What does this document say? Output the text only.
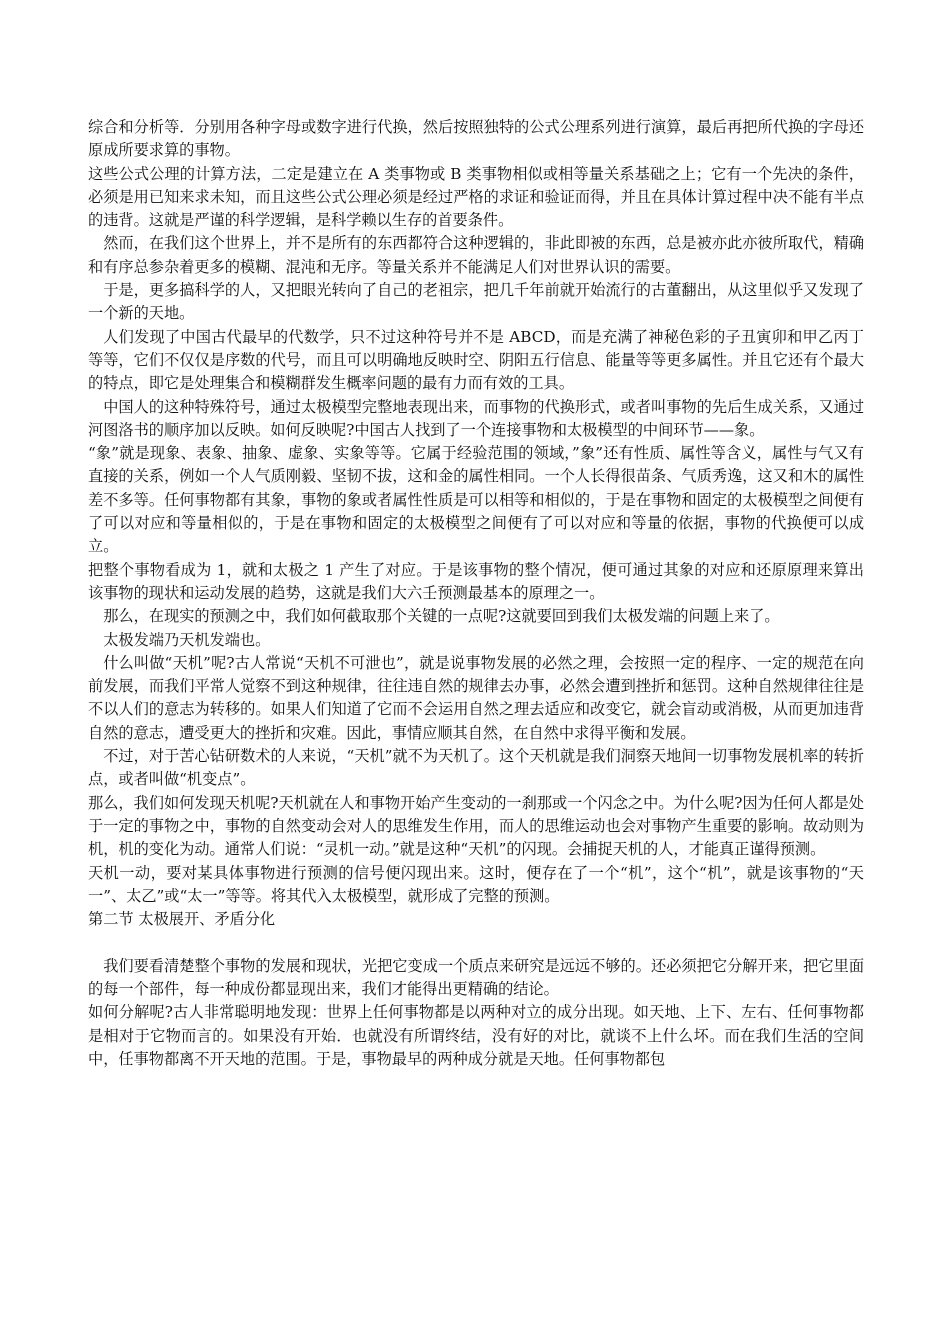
综合和分析等．分别用各种字母或数字进行代换，然后按照独特的公式公理系列进行演算，最后再把所代换的字母还原成所要求算的事物。

这些公式公理的计算方法，二定是建立在 A 类事物或 B 类事物相似或相等量关系基础之上；它有一个先决的条件，必须是用已知来求未知，而且这些公式公理必须是经过严格的求证和验证而得，并且在具体计算过程中决不能有半点的违背。这就是严谨的科学逻辑，是科学赖以生存的首要条件。

然而，在我们这个世界上，并不是所有的东西都符合这种逻辑的，非此即被的东西，总是被亦此亦彼所取代，精确和有序总参杂着更多的模糊、混沌和无序。等量关系并不能满足人们对世界认识的需要。

于是，更多搞科学的人，又把眼光转向了自己的老祖宗，把几千年前就开始流行的古董翻出，从这里似乎又发现了一个新的天地。

人们发现了中国古代最早的代数学，只不过这种符号并不是 ABCD，而是充满了神秘色彩的子丑寅卯和甲乙丙丁等等，它们不仅仅是序数的代号，而且可以明确地反映时空、阴阳五行信息、能量等等更多属性。并且它还有个最大的特点，即它是处理集合和模糊群发生概率问题的最有力而有效的工具。

中国人的这种特殊符号，通过太极模型完整地表现出来，而事物的代换形式，或者叫事物的先后生成关系，又通过河图洛书的顺序加以反映。如何反映呢?中国古人找到了一个连接事物和太极模型的中间环节——象。

“象”就是现象、表象、抽象、虚象、实象等等。它属于经验范围的领域，”象”还有性质、属性等含义，属性与气又有直接的关系，例如一个人气质刚毅、坚韧不拔，这和金的属性相同。一个人长得很苗条、气质秀逸，这又和木的属性差不多等。任何事物都有其象，事物的象或者属性性质是可以相等和相似的，于是在事物和固定的太极模型之间便有了可以对应和等量相似的，于是在事物和固定的太极模型之间便有了可以对应和等量的依据，事物的代换便可以成立。

把整个事物看成为 1，就和太极之 1 产生了对应。于是该事物的整个情况，便可通过其象的对应和还原原理来算出该事物的现状和运动发展的趋势，这就是我们大六壬预测最基本的原理之一。

那么，在现实的预测之中，我们如何截取那个关键的一点呢?这就要回到我们太极发端的问题上来了。

太极发端乃天机发端也。

什么叫做“天机”呢?古人常说“天机不可泄也”，就是说事物发展的必然之理，会按照一定的程序、一定的规范在向前发展，而我们平常人觉察不到这种规律，往往违自然的规律去办事，必然会遭到挫折和惩罚。这种自然规律往往是不以人们的意志为转移的。如果人们知道了它而不会运用自然之理去适应和改变它，就会盲动或消极，从而更加违背自然的意志，遭受更大的挫折和灾难。因此，事情应顺其自然，在自然中求得平衡和发展。

不过，对于苦心钻研数术的人来说，“天机”就不为天机了。这个天机就是我们洞察天地间一切事物发展机率的转折点，或者叫做“机变点”。

那么，我们如何发现天机呢?天机就在人和事物开始产生变动的一刹那或一个闪念之中。为什么呢?因为任何人都是处于一定的事物之中，事物的自然变动会对人的思维发生作用，而人的思维运动也会对事物产生重要的影响。故动则为机，机的变化为动。通常人们说：“灵机一动。”就是这种“天机”的闪现。会捕捉天机的人，才能真正谨得预测。

天机一动，要对某具体事物进行预测的信号便闪现出来。这时，便存在了一个“机”，这个“机”，就是该事物的“天一”、太乙”或“太一”等等。将其代入太极模型，就形成了完整的预测。

第二节 太极展开、矛盾分化

我们要看清楚整个事物的发展和现状，光把它变成一个质点来研究是远远不够的。还必须把它分解开来，把它里面的每一个部件，每一种成份都显现出来，我们才能得出更精确的结论。

如何分解呢?古人非常聪明地发现：世界上任何事物都是以两种对立的成分出现。如天地、上下、左右、任何事物都是相对于它物而言的。如果没有开始．也就没有所谓终结，没有好的对比，就谈不上什么坏。而在我们生活的空间中，任事物都离不开天地的范围。于是，事物最早的两种成分就是天地。任何事物都包
